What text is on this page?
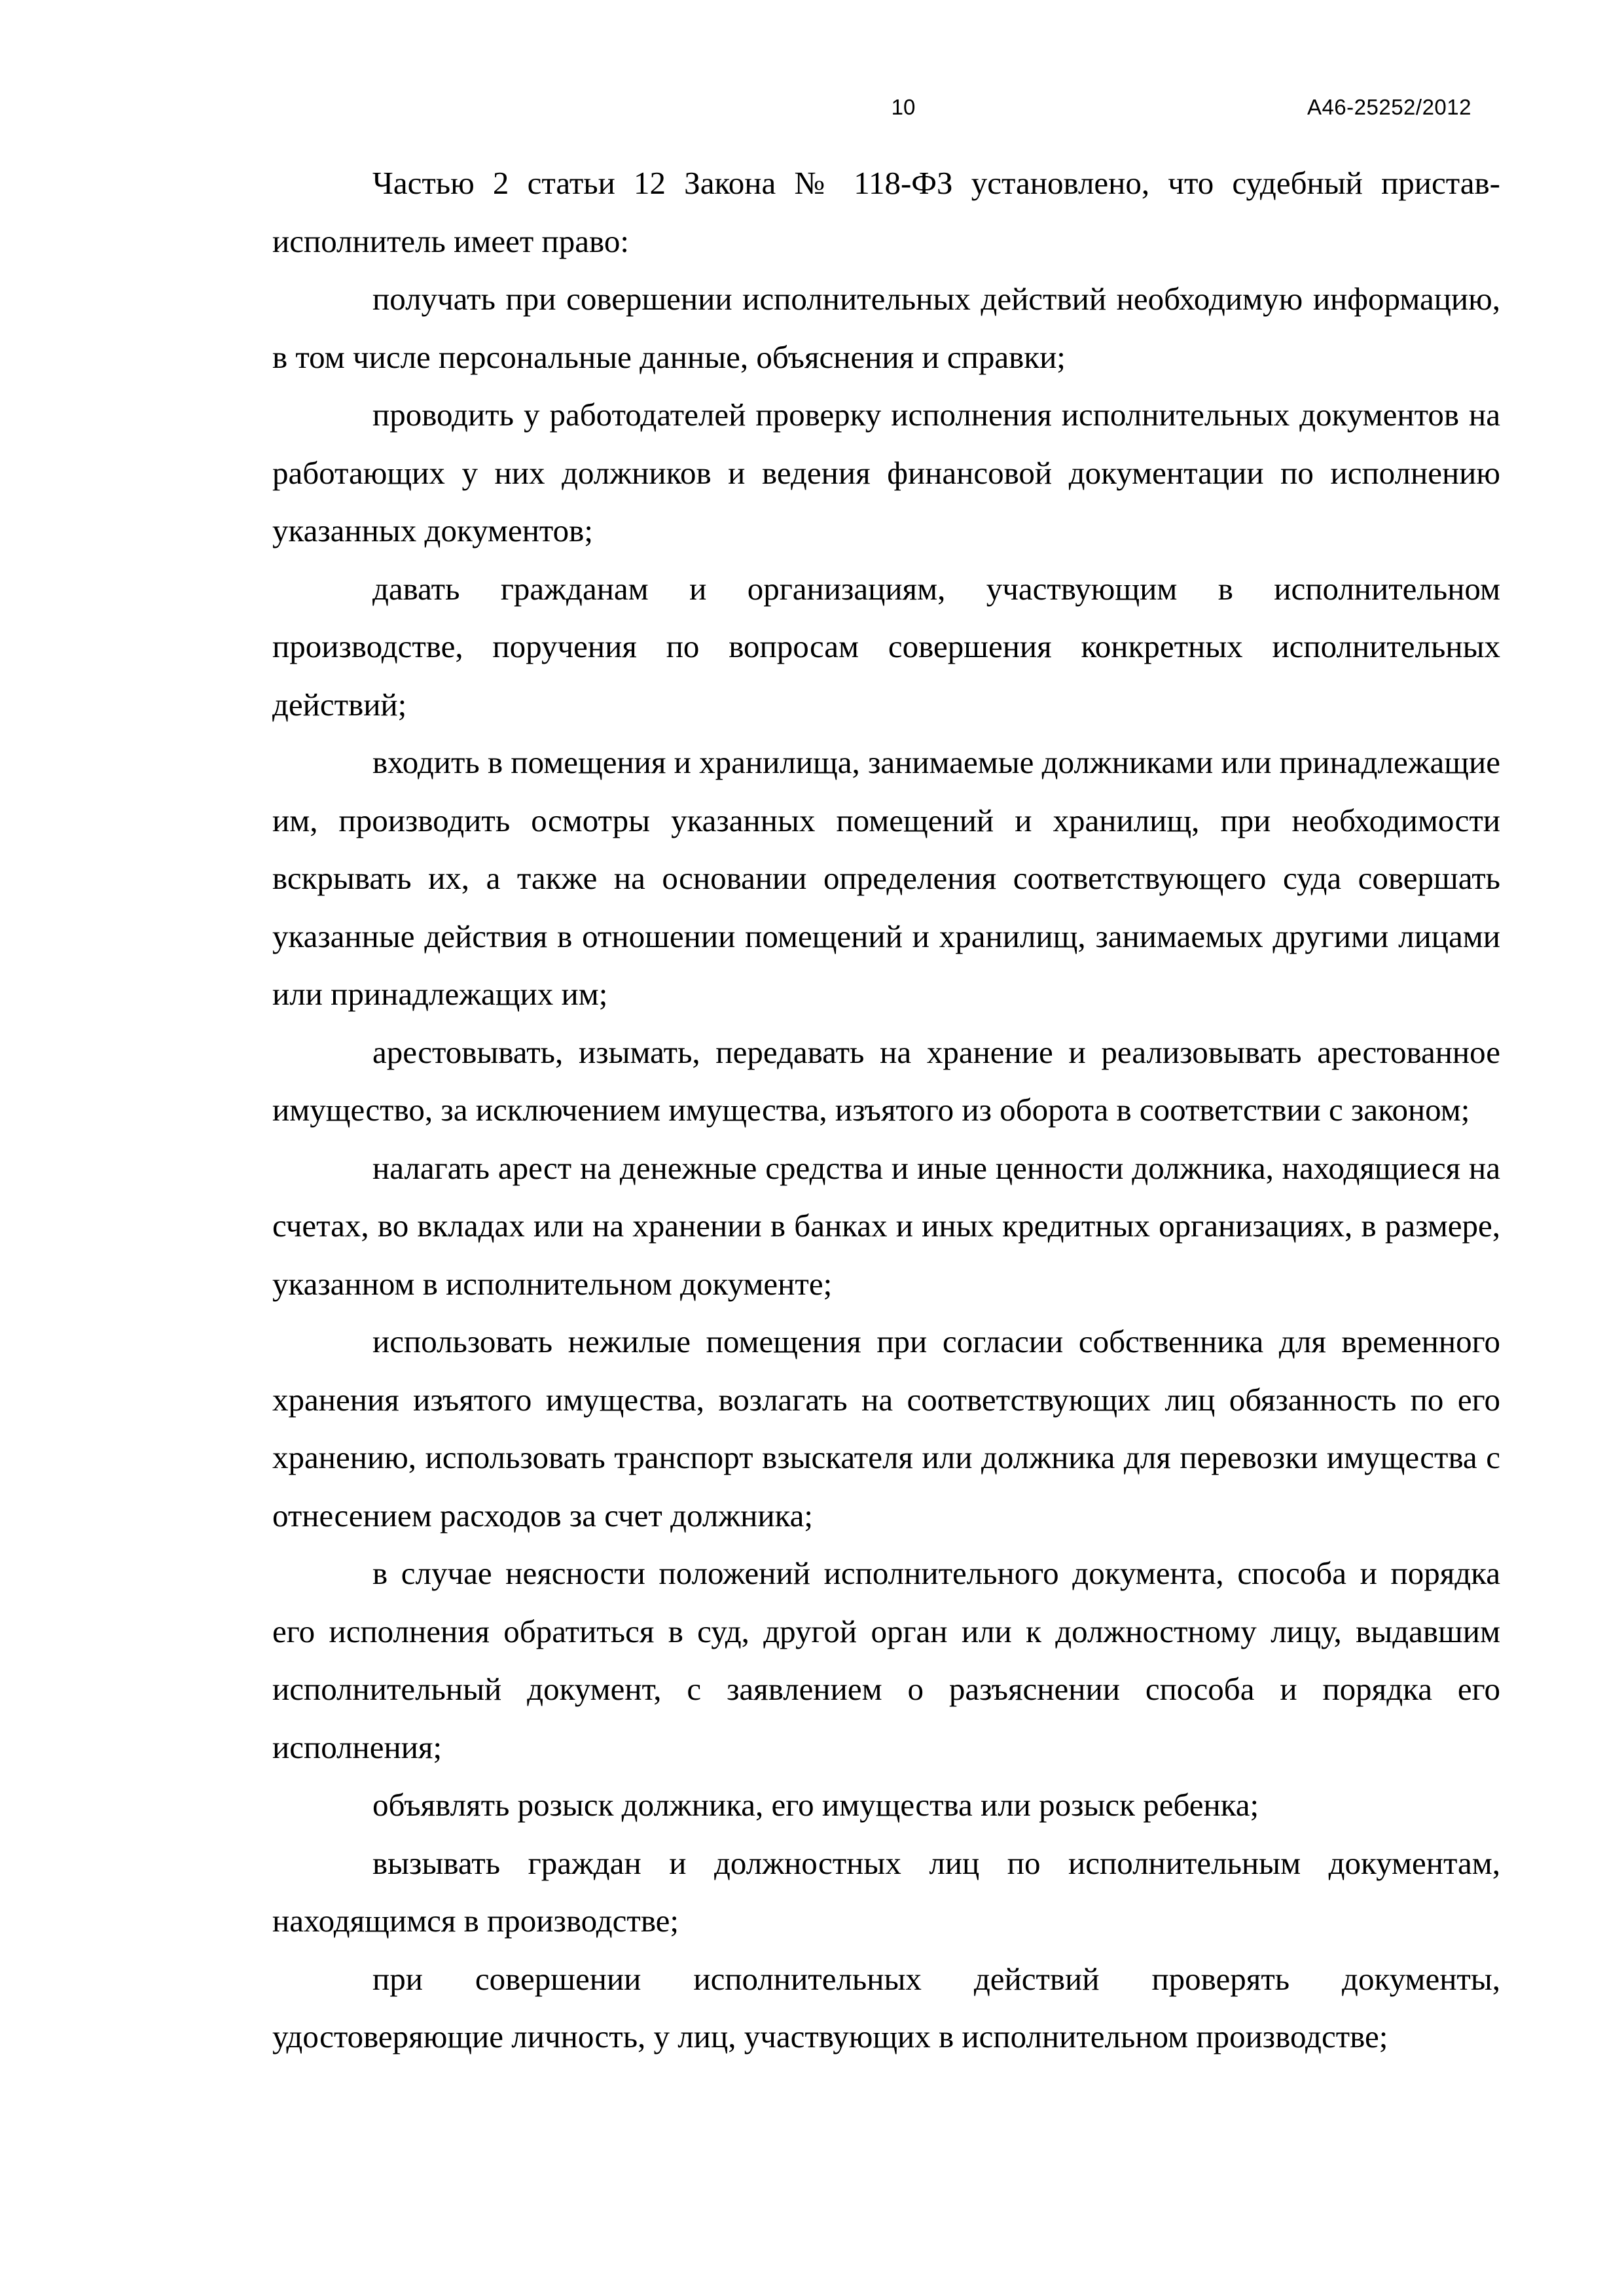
10	А46-25252/2012

Частью 2 статьи 12 Закона № 118-ФЗ установлено, что судебный пристав-исполнитель имеет право:

получать при совершении исполнительных действий необходимую информацию, в том числе персональные данные, объяснения и справки;

проводить у работодателей проверку исполнения исполнительных документов на работающих у них должников и ведения финансовой документации по исполнению указанных документов;

давать гражданам и организациям, участвующим в исполнительном производстве, поручения по вопросам совершения конкретных исполнительных действий;

входить в помещения и хранилища, занимаемые должниками или принадлежащие им, производить осмотры указанных помещений и хранилищ, при необходимости вскрывать их, а также на основании определения соответствующего суда совершать указанные действия в отношении помещений и хранилищ, занимаемых другими лицами или принадлежащих им;

арестовывать, изымать, передавать на хранение и реализовывать арестованное имущество, за исключением имущества, изъятого из оборота в соответствии с законом;

налагать арест на денежные средства и иные ценности должника, находящиеся на счетах, во вкладах или на хранении в банках и иных кредитных организациях, в размере, указанном в исполнительном документе;

использовать нежилые помещения при согласии собственника для временного хранения изъятого имущества, возлагать на соответствующих лиц обязанность по его хранению, использовать транспорт взыскателя или должника для перевозки имущества с отнесением расходов за счет должника;

в случае неясности положений исполнительного документа, способа и порядка его исполнения обратиться в суд, другой орган или к должностному лицу, выдавшим исполнительный документ, с заявлением о разъяснении способа и порядка его исполнения;

объявлять розыск должника, его имущества или розыск ребенка;

вызывать граждан и должностных лиц по исполнительным документам, находящимся в производстве;

при совершении исполнительных действий проверять документы, удостоверяющие личность, у лиц, участвующих в исполнительном производстве;
